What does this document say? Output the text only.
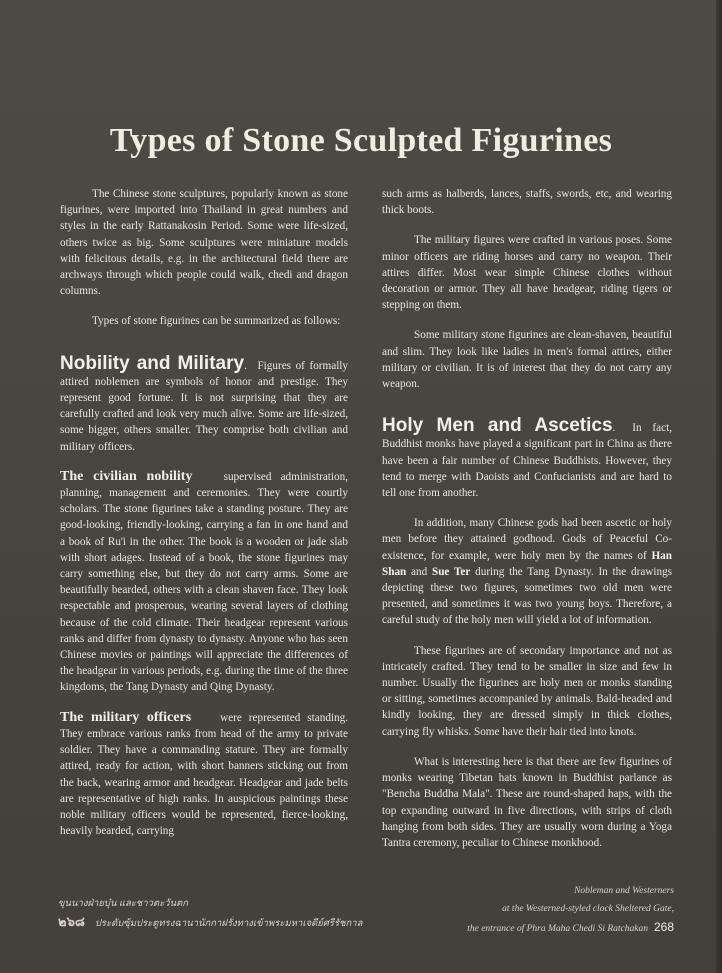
Types of Stone Sculpted Figurines

The Chinese stone sculptures, popularly known as stone figurines, were imported into Thailand in great numbers and styles in the early Rattanakosin Period. Some were life-sized, others twice as big. Some sculptures were miniature models with felicitous details, e.g. in the architectural field there are archways through which people could walk, chedi and dragon columns.

Types of stone figurines can be summarized as follows:

Nobility and Military. Figures of formally attired noblemen are symbols of honor and prestige. They represent good fortune. It is not surprising that they are carefully crafted and look very much alive. Some are life-sized, some bigger, others smaller. They comprise both civilian and military officers.

The civilian nobility	supervised administration, planning, management and ceremonies. They were courtly scholars. The stone figurines take a standing posture. They are good-looking, friendly-looking, carrying a fan in one hand and a book of Ru'i in the other. The book is a wooden or jade slab with short adages. Instead of a book, the stone figurines may carry something else, but they do not carry arms. Some are beautifully bearded, others with a clean shaven face. They look respectable and prosperous, wearing several layers of clothing because of the cold climate. Their headgear represent various ranks and differ from dynasty to dynasty. Anyone who has seen Chinese movies or paintings will appreciate the differences of the headgear in various periods, e.g. during the time of the three kingdoms, the Tang Dynasty and Qing Dynasty.

The military officers	were represented standing. They embrace various ranks from head of the army to private soldier. They have a commanding stature. They are formally attired, ready for action, with short banners sticking out from the back, wearing armor and headgear. Headgear and jade belts are representative of high ranks. In auspicious paintings these noble military officers would be represented, fierce-looking, heavily bearded, carrying

such arms as halberds, lances, staffs, swords, etc, and wearing thick boots.

The military figures were crafted in various poses. Some minor officers are riding horses and carry no weapon. Their attires differ. Most wear simple Chinese clothes without decoration or armor. They all have headgear, riding tigers or stepping on them.

Some military stone figurines are clean-shaven, beautiful and slim. They look like ladies in men's formal attires, either military or civilian. It is of interest that they do not carry any weapon.

Holy Men and Ascetics. In fact, Buddhist monks have played a significant part in China as there have been a fair number of Chinese Buddhists. However, they tend to merge with Daoists and Confucianists and are hard to tell one from another.

In addition, many Chinese gods had been ascetic or holy men before they attained godhood. Gods of Peaceful Co-existence, for example, were holy men by the names of Han Shan and Sue Ter during the Tang Dynasty. In the drawings depicting these two figures, sometimes two old men were presented, and sometimes it was two young boys. Therefore, a careful study of the holy men will yield a lot of information.

These figurines are of secondary importance and not as intricately crafted. They tend to be smaller in size and few in number. Usually the figurines are holy men or monks standing or sitting, sometimes accompanied by animals. Bald-headed and kindly looking, they are dressed simply in thick clothes, carrying fly whisks. Some have their hair tied into knots.

What is interesting here is that there are few figurines of monks wearing Tibetan hats known in Buddhist parlance as "Bencha Buddha Mala". These are round-shaped haps, with the top expanding outward in five directions, with strips of cloth hanging from both sides. They are usually worn during a Yoga Tantra ceremony, peculiar to Chinese monkhood.

ขุนนางฝ่ายบุ๋น และชาวตะวันตก
๒๖๘ ประดับซุ้มประตูทรงฉานานักกาฝรั่งทางเข้าพระมหาเจดีย์ศรีรัชกาล
Nobleman and Westerners
at the Westerned-styled clock Sheltered Gate,
the entrance of Phra Maha Chedi Si Ratchakan 268
